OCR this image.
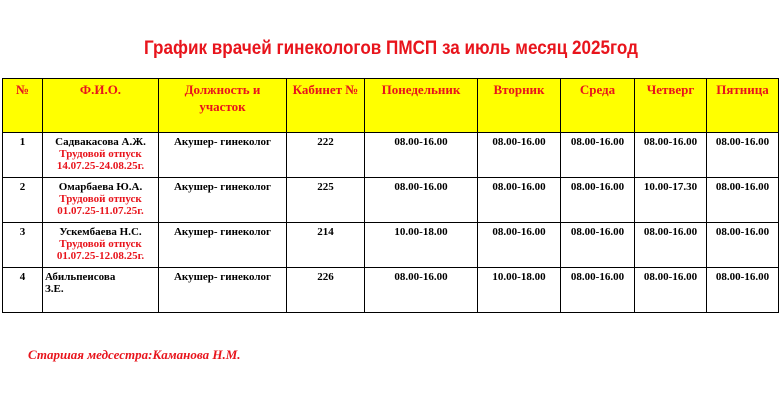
График врачей гинекологов ПМСП за июль месяц 2025год
№	Ф.И.О.	Должность и участок	Кабинет №	Понедельник	Вторник	Среда	Четверг	Пятница
1	Садвакасова А.Ж.
Трудовой отпуск
14.07.25-24.08.25г.	Акушер- гинеколог	222	08.00-16.00	08.00-16.00	08.00-16.00	08.00-16.00	08.00-16.00
2	Омарбаева Ю.А.
Трудовой отпуск
01.07.25-11.07.25г.	Акушер- гинеколог	225	08.00-16.00	08.00-16.00	08.00-16.00	10.00-17.30	08.00-16.00
3	Ускембаева Н.С.
Трудовой отпуск
01.07.25-12.08.25г.	Акушер- гинеколог	214	10.00-18.00	08.00-16.00	08.00-16.00	08.00-16.00	08.00-16.00
4	Абильпеисова
З.Е.	Акушер- гинеколог	226	08.00-16.00	10.00-18.00	08.00-16.00	08.00-16.00	08.00-16.00
Старшая медсестра:Каманова Н.М.
